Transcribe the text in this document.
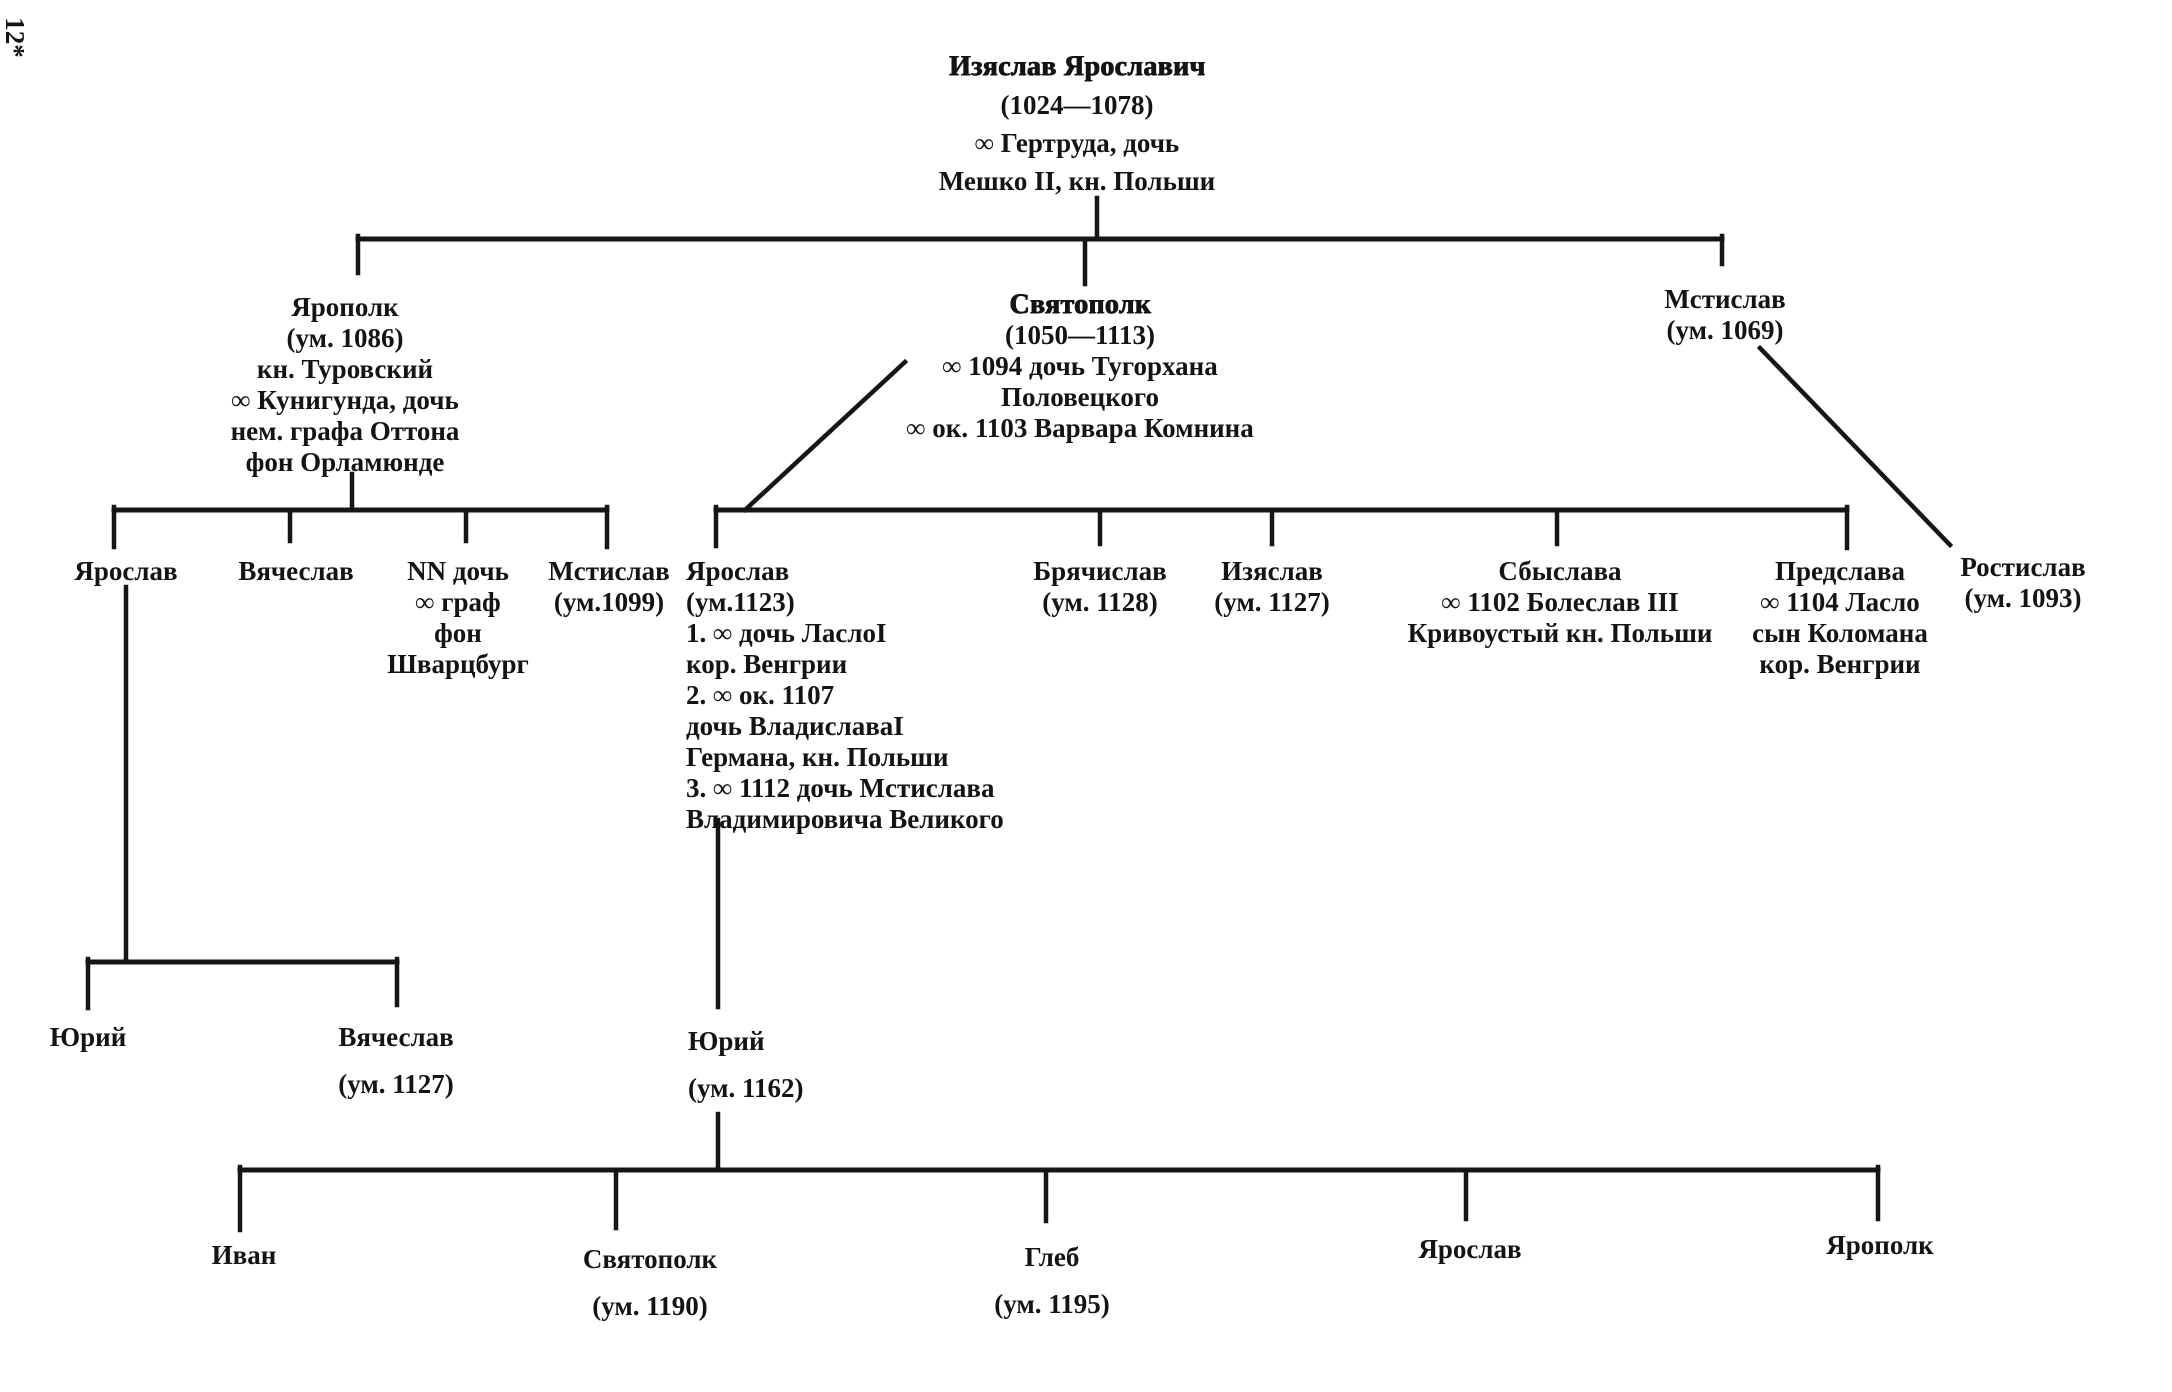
12*
Изяслав Ярославич
(1024—1078)
∞ Гертруда, дочь
Мешко II, кн. Польши
Ярополк
(ум. 1086)
кн. Туровский
∞ Кунигунда, дочь
нем. графа Оттона
фон Орламюнде
Святополк
(1050—1113)
∞ 1094 дочь Тугорхана
Половецкого
∞ ок. 1103 Варвара Комнина
Мстислав
(ум. 1069)
Ярослав Вячеслав	NN дочь
∞ граф
фон
Шварцбург
Мстислав
(ум.1099)
Ярослав
(ум.1123)
1. ∞ дочь ЛаслоI
кор. Венгрии
2. ∞ ок. 1107
дочь ВладиславаI
Германа, кн. Польши
3. ∞ 1112 дочь Мстислава
Владимировича Великого
Брячислав
(ум. 1128)
Изяслав
(ум. 1127)
Сбыслава
∞ 1102 Болеслав III
Кривоустый кн. Польши
Предслава
∞ 1104 Ласло
сын Коломана
кор. Венгрии
Ростислав
(ум. 1093)
Юрий	Вячеслав
(ум. 1127)
Юрий
(ум. 1162)
Иван	Святополк
(ум. 1190)
Глеб
(ум. 1195)
Ярослав	Ярополк
